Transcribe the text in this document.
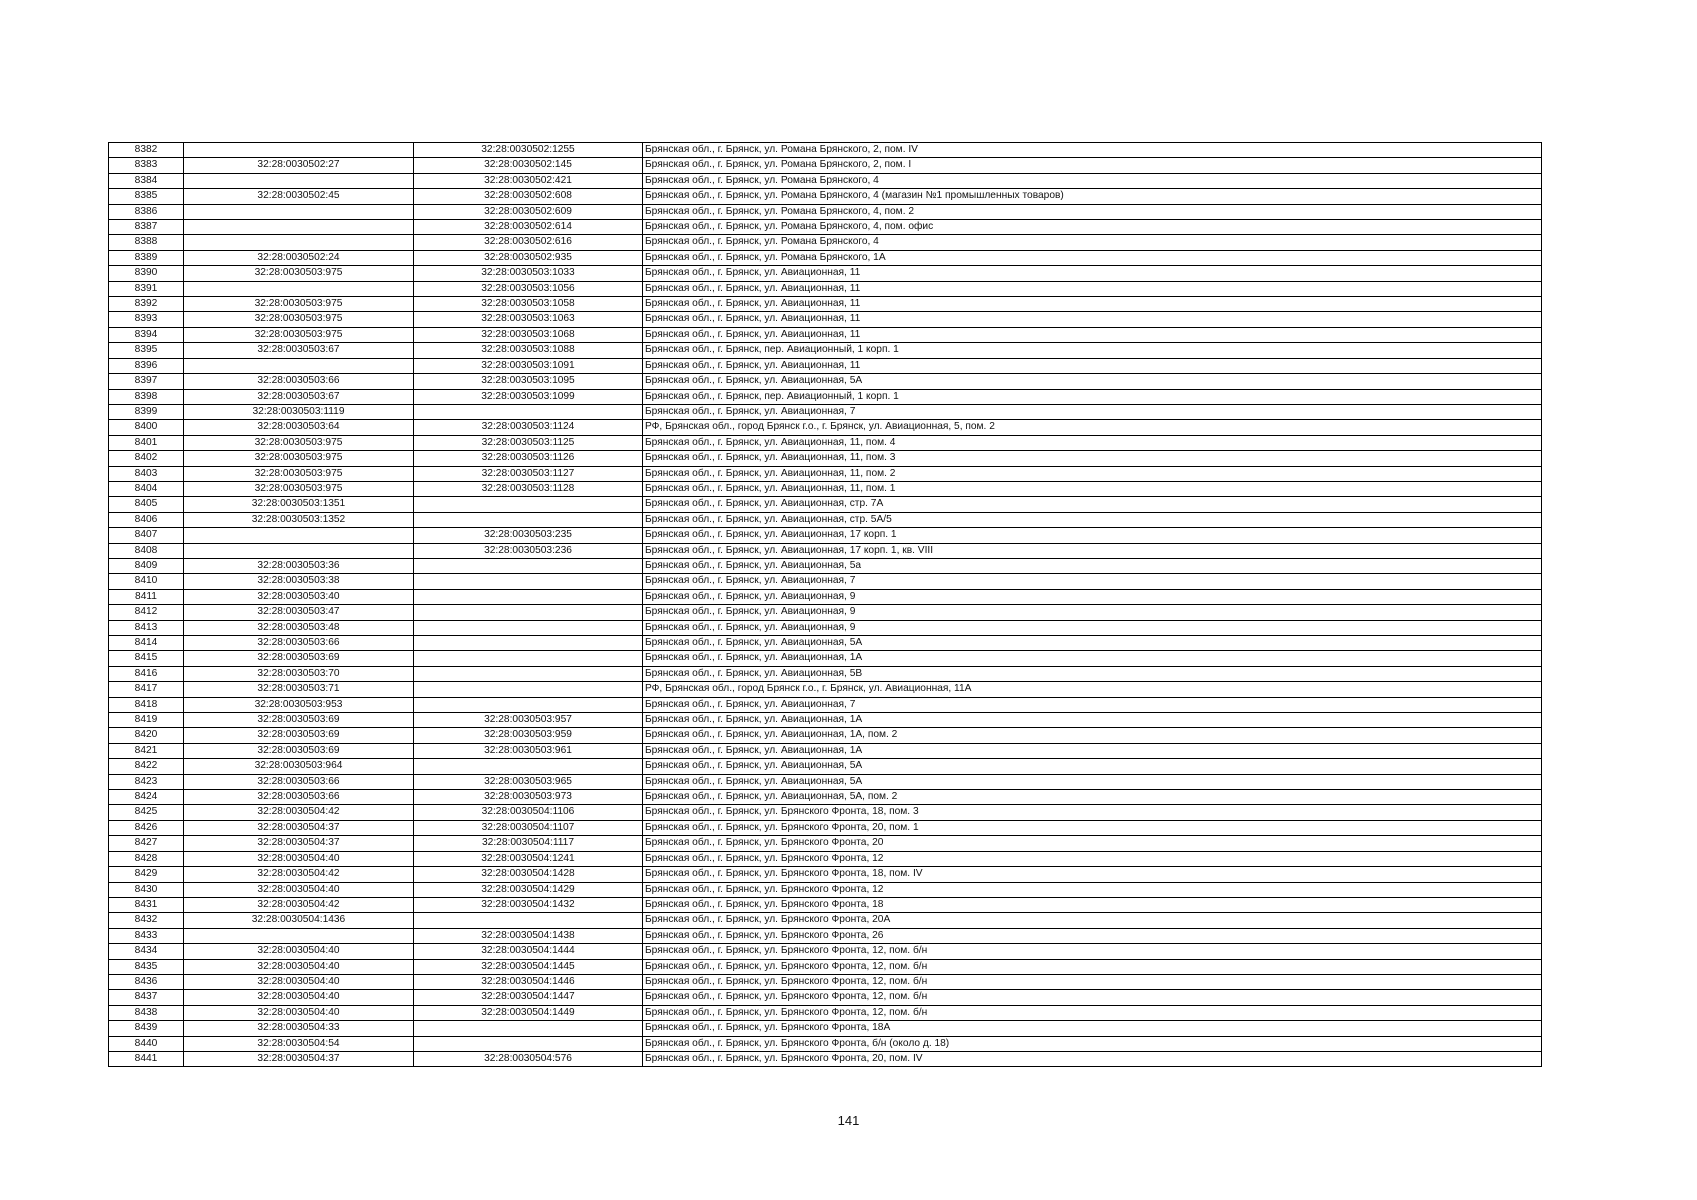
8382		32:28:0030502:1255	Брянская обл., г. Брянск, ул. Романа Брянского, 2, пом. IV
8383	32:28:0030502:27	32:28:0030502:145	Брянская обл., г. Брянск, ул. Романа Брянского, 2, пом. I
8384		32:28:0030502:421	Брянская обл., г. Брянск, ул. Романа Брянского, 4
8385	32:28:0030502:45	32:28:0030502:608	Брянская обл., г. Брянск, ул. Романа Брянского, 4 (магазин №1 промышленных товаров)
8386		32:28:0030502:609	Брянская обл., г. Брянск, ул. Романа Брянского, 4, пом. 2
8387		32:28:0030502:614	Брянская обл., г. Брянск, ул. Романа Брянского, 4, пом. офис
8388		32:28:0030502:616	Брянская обл., г. Брянск, ул. Романа Брянского, 4
8389	32:28:0030502:24	32:28:0030502:935	Брянская обл., г. Брянск, ул. Романа Брянского, 1А
8390	32:28:0030503:975	32:28:0030503:1033	Брянская обл., г. Брянск, ул. Авиационная, 11
8391		32:28:0030503:1056	Брянская обл., г. Брянск, ул. Авиационная, 11
8392	32:28:0030503:975	32:28:0030503:1058	Брянская обл., г. Брянск, ул. Авиационная, 11
8393	32:28:0030503:975	32:28:0030503:1063	Брянская обл., г. Брянск, ул. Авиационная, 11
8394	32:28:0030503:975	32:28:0030503:1068	Брянская обл., г. Брянск, ул. Авиационная, 11
8395	32:28:0030503:67	32:28:0030503:1088	Брянская обл., г. Брянск, пер. Авиационный, 1 корп. 1
8396		32:28:0030503:1091	Брянская обл., г. Брянск, ул. Авиационная, 11
8397	32:28:0030503:66	32:28:0030503:1095	Брянская обл., г. Брянск, ул. Авиационная, 5А
8398	32:28:0030503:67	32:28:0030503:1099	Брянская обл., г. Брянск, пер. Авиационный, 1 корп. 1
8399	32:28:0030503:1119		Брянская обл., г. Брянск, ул. Авиационная, 7
8400	32:28:0030503:64	32:28:0030503:1124	РФ, Брянская обл., город Брянск г.о., г. Брянск, ул. Авиационная, 5, пом. 2
8401	32:28:0030503:975	32:28:0030503:1125	Брянская обл., г. Брянск, ул. Авиационная, 11, пом. 4
8402	32:28:0030503:975	32:28:0030503:1126	Брянская обл., г. Брянск, ул. Авиационная, 11, пом. 3
8403	32:28:0030503:975	32:28:0030503:1127	Брянская обл., г. Брянск, ул. Авиационная, 11, пом. 2
8404	32:28:0030503:975	32:28:0030503:1128	Брянская обл., г. Брянск, ул. Авиационная, 11, пом. 1
8405	32:28:0030503:1351		Брянская обл., г. Брянск, ул. Авиационная, стр. 7А
8406	32:28:0030503:1352		Брянская обл., г. Брянск, ул. Авиационная, стр. 5А/5
8407		32:28:0030503:235	Брянская обл., г. Брянск, ул. Авиационная, 17 корп. 1
8408		32:28:0030503:236	Брянская обл., г. Брянск, ул. Авиационная, 17 корп. 1, кв. VIII
8409	32:28:0030503:36		Брянская обл., г. Брянск, ул. Авиационная, 5а
8410	32:28:0030503:38		Брянская обл., г. Брянск, ул. Авиационная, 7
8411	32:28:0030503:40		Брянская обл., г. Брянск, ул. Авиационная, 9
8412	32:28:0030503:47		Брянская обл., г. Брянск, ул. Авиационная, 9
8413	32:28:0030503:48		Брянская обл., г. Брянск, ул. Авиационная, 9
8414	32:28:0030503:66		Брянская обл., г. Брянск, ул. Авиационная, 5А
8415	32:28:0030503:69		Брянская обл., г. Брянск, ул. Авиационная, 1А
8416	32:28:0030503:70		Брянская обл., г. Брянск, ул. Авиационная, 5В
8417	32:28:0030503:71		РФ, Брянская обл., город Брянск г.о., г. Брянск, ул. Авиационная, 11А
8418	32:28:0030503:953		Брянская обл., г. Брянск, ул. Авиационная, 7
8419	32:28:0030503:69	32:28:0030503:957	Брянская обл., г. Брянск, ул. Авиационная, 1А
8420	32:28:0030503:69	32:28:0030503:959	Брянская обл., г. Брянск, ул. Авиационная, 1А, пом. 2
8421	32:28:0030503:69	32:28:0030503:961	Брянская обл., г. Брянск, ул. Авиационная, 1А
8422	32:28:0030503:964		Брянская обл., г. Брянск, ул. Авиационная, 5А
8423	32:28:0030503:66	32:28:0030503:965	Брянская обл., г. Брянск, ул. Авиационная, 5А
8424	32:28:0030503:66	32:28:0030503:973	Брянская обл., г. Брянск, ул. Авиационная, 5А, пом. 2
8425	32:28:0030504:42	32:28:0030504:1106	Брянская обл., г. Брянск, ул. Брянского Фронта, 18, пом. 3
8426	32:28:0030504:37	32:28:0030504:1107	Брянская обл., г. Брянск, ул. Брянского Фронта, 20, пом. 1
8427	32:28:0030504:37	32:28:0030504:1117	Брянская обл., г. Брянск, ул. Брянского Фронта, 20
8428	32:28:0030504:40	32:28:0030504:1241	Брянская обл., г. Брянск, ул. Брянского Фронта, 12
8429	32:28:0030504:42	32:28:0030504:1428	Брянская обл., г. Брянск, ул. Брянского Фронта, 18, пом. IV
8430	32:28:0030504:40	32:28:0030504:1429	Брянская обл., г. Брянск, ул. Брянского Фронта, 12
8431	32:28:0030504:42	32:28:0030504:1432	Брянская обл., г. Брянск, ул. Брянского Фронта, 18
8432	32:28:0030504:1436		Брянская обл., г. Брянск, ул. Брянского Фронта, 20А
8433		32:28:0030504:1438	Брянская обл., г. Брянск, ул. Брянского Фронта, 26
8434	32:28:0030504:40	32:28:0030504:1444	Брянская обл., г. Брянск, ул. Брянского Фронта, 12, пом. б/н
8435	32:28:0030504:40	32:28:0030504:1445	Брянская обл., г. Брянск, ул. Брянского Фронта, 12, пом. б/н
8436	32:28:0030504:40	32:28:0030504:1446	Брянская обл., г. Брянск, ул. Брянского Фронта, 12, пом. б/н
8437	32:28:0030504:40	32:28:0030504:1447	Брянская обл., г. Брянск, ул. Брянского Фронта, 12, пом. б/н
8438	32:28:0030504:40	32:28:0030504:1449	Брянская обл., г. Брянск, ул. Брянского Фронта, 12, пом. б/н
8439	32:28:0030504:33		Брянская обл., г. Брянск, ул. Брянского Фронта, 18А
8440	32:28:0030504:54		Брянская обл., г. Брянск, ул. Брянского Фронта, б/н (около д. 18)
8441	32:28:0030504:37	32:28:0030504:576	Брянская обл., г. Брянск, ул. Брянского Фронта, 20, пом. IV
141
